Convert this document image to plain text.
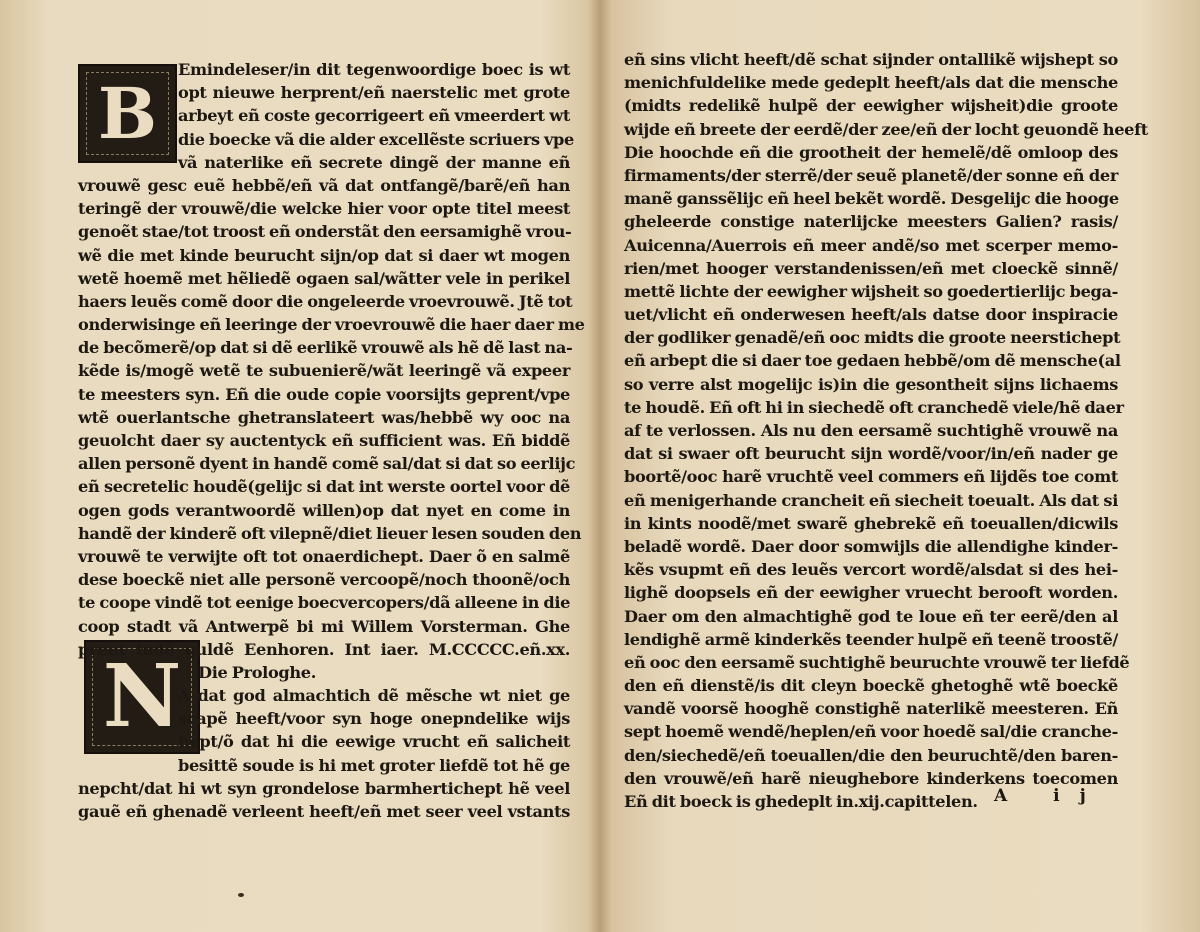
B
N
Emindeleser/in dit tegenwoordige boec is wt
opt nieuwe herprent/eñ naerstelic met grote
arbeyt eñ coste gecorrigeert eñ vmeerdert wt
die boecke vã die alder excellẽste scriuers vpe
vã naterlike eñ secrete dingẽ der manne eñ
vrouwẽ gesc euẽ hebbẽ/eñ vã dat ontfangẽ/barẽ/eñ han
teringẽ der vrouwẽ/die welcke hier voor opte titel meest
genoẽt stae/tot troost eñ onderstãt den eersamighẽ vrou-
wẽ die met kinde beurucht sijn/op dat si daer wt mogen
wetẽ hoemẽ met hẽliedẽ ogaen sal/wãtter vele in perikel
haers leuẽs comẽ door die ongeleerde vroevrouwẽ. Jtẽ tot
onderwisinge eñ leeringe der vroevrouwẽ die haer daer me
de becõmerẽ/op dat si dẽ eerlikẽ vrouwẽ als hẽ dẽ last na-
kẽde is/mogẽ wetẽ te subuenierẽ/wãt leeringẽ vã expeer
te meesters syn. Eñ die oude copie voorsijts geprent/vpe
wtẽ ouerlantsche ghetranslateert was/hebbẽ wy ooc na
geuolcht daer sy auctentyck eñ sufficient was. Eñ biddẽ
allen personẽ dyent in handẽ comẽ sal/dat si dat so eerlijc
eñ secretelic houdẽ(gelijc si dat int werste oortel voor dẽ
ogen gods verantwoordẽ willen)op dat nyet en come in
handẽ der kinderẽ oft vilepnẽ/diet lieuer lesen souden den
vrouwẽ te verwijte oft tot onaerdichept. Daer õ en salmẽ
dese boeckẽ niet alle personẽ vercoopẽ/noch thoonẽ/och
te coope vindẽ tot eenige boecvercopers/dã alleene in die
coop stadt vã Antwerpẽ bi mi Willem Vorsterman. Ghe
prent indẽ guldẽ Eenhoren. Int iaer. M.CCCCC.eñ.xx.
Die Prologhe.
A dat god almachtich dẽ mẽsche wt niet ge
scapẽ heeft/voor syn hoge onepndelike wijs
hept/õ dat hi die eewige vrucht eñ salicheit
besittẽ soude is hi met groter liefdẽ tot hẽ ge
nepcht/dat hi wt syn grondelose barmhertichept hẽ veel
gauẽ eñ ghenadẽ verleent heeft/eñ met seer veel vstants
eñ sins vlicht heeft/dẽ schat sijnder ontallikẽ wijshept so
menichfuldelike mede gedeplt heeft/als dat die mensche
(midts redelikẽ hulpẽ der eewigher wijsheit)die groote
wijde eñ breete der eerdẽ/der zee/eñ der locht geuondẽ heeft
Die hoochde eñ die grootheit der hemelẽ/dẽ omloop des
firmaments/der sterrẽ/der seuẽ planetẽ/der sonne eñ der
manẽ ganssẽlijc eñ heel bekẽt wordẽ. Desgelijc die hooge
gheleerde constige naterlijcke meesters Galien? rasis/
Auicenna/Auerrois eñ meer andẽ/so met scerper memo-
rien/met hooger verstandenissen/eñ met cloeckẽ sinnẽ/
mettẽ lichte der eewigher wijsheit so goedertierlijc bega-
uet/vlicht eñ onderwesen heeft/als datse door inspiracie
der godliker genadẽ/eñ ooc midts die groote neerstichept
eñ arbept die si daer toe gedaen hebbẽ/om dẽ mensche(al
so verre alst mogelijc is)in die gesontheit sijns lichaems
te houdẽ. Eñ oft hi in siechedẽ oft cranchedẽ viele/hẽ daer
af te verlossen. Als nu den eersamẽ suchtighẽ vrouwẽ na
dat si swaer oft beurucht sijn wordẽ/voor/in/eñ nader ge
boortẽ/ooc harẽ vruchtẽ veel commers eñ lijdẽs toe comt
eñ menigerhande crancheit eñ siecheit toeualt. Als dat si
in kints noodẽ/met swarẽ ghebrekẽ eñ toeuallen/dicwils
beladẽ wordẽ. Daer door somwijls die allendighe kinder-
kẽs vsupmt eñ des leuẽs vercort wordẽ/alsdat si des hei-
lighẽ doopsels eñ der eewigher vruecht berooft worden.
Daer om den almachtighẽ god te loue eñ ter eerẽ/den al
lendighẽ armẽ kinderkẽs teender hulpẽ eñ teenẽ troostẽ/
eñ ooc den eersamẽ suchtighẽ beuruchte vrouwẽ ter liefdẽ
den eñ dienstẽ/is dit cleyn boeckẽ ghetoghẽ wtẽ boeckẽ
vandẽ voorsẽ hooghẽ constighẽ naterlikẽ meesteren. Eñ
sept hoemẽ wendẽ/heplen/eñ voor hoedẽ sal/die cranche-
den/siechedẽ/eñ toeuallen/die den beuruchtẽ/den baren-
den vrouwẽ/eñ harẽ nieughebore kinderkens toecomen
Eñ dit boeck is ghedeplt in.xij.capittelen. A ij
